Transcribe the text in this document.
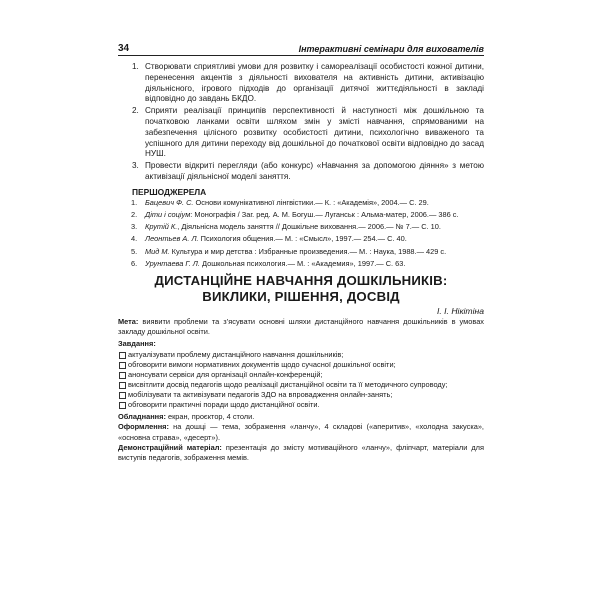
34	Інтерактивні семінари для вихователів
1. Створювати сприятливі умови для розвитку і самореалізації особистості кожної дитини, перенесення акцентів з діяльності вихователя на активність дитини, активізацію діяльнісного, ігрового підходів до організації дитячої життєдіяльності в закладі відповідно до завдань БКДО.
2. Сприяти реалізації принципів перспективності й наступності між дошкільною та початковою ланками освіти шляхом змін у змісті навчання, спрямованими на забезпечення цілісного розвитку особистості дитини, психологічно виваженого та успішного для дитини переходу від дошкільної до початкової освіти відповідно до засад НУШ.
3. Провести відкриті перегляди (або конкурс) «Навчання за допомогою діяння» з метою активізації діяльнісної моделі заняття.
ПЕРШОДЖЕРЕЛА
1. Бацевич Ф. С. Основи комунікативної лінгвістики.— К. : «Академія», 2004.— С. 29.
2. Діти і соціум: Монографія / Заг. ред. А. М. Богуш.— Луганськ : Альма-матер, 2006.— 386 с.
3. Крутій К., Діяльнісна модель заняття // Дошкільне виховання.— 2006.— № 7.— С. 10.
4. Леонтьев А. Л. Психология общения.— М. : «Смысл», 1997.— 254.— С. 40.
5. Мид М. Культура и мир детства : Избранные произведения.— М. : Наука, 1988.— 429 с.
6. Урунтаева Г. Л. Дошкольная психология.— М. : «Академия», 1997.— С. 63.
ДИСТАНЦІЙНЕ НАВЧАННЯ ДОШКІЛЬНИКІВ:
ВИКЛИКИ, РІШЕННЯ, ДОСВІД
І. І. Нікітіна
Мета: виявити проблеми та з’ясувати основні шляхи дистанційного навчання дошкільників в умовах закладу дошкільної освіти.
Завдання:
актуалізувати проблему дистанційного навчання дошкільників;
обговорити вимоги нормативних документів щодо сучасної дошкільної освіти;
анонсувати сервіси для організації онлайн-конференцій;
висвітлити досвід педагогів щодо реалізації дистанційної освіти та її методичного супроводу;
мобілізувати та активізувати педагогів ЗДО на впровадження онлайн-занять;
обговорити практичні поради щодо дистанційної освіти.
Обладнання: екран, проєктор, 4 столи.
Оформлення: на дошці — тема, зображення «ланчу», 4 складові («аперитив», «холодна закуска», «основна страва», «десерт»).
Демонстраційний матеріал: презентація до змісту мотиваційного «ланчу», фліпчарт, матеріали для виступів педагогів, зображення мемів.
